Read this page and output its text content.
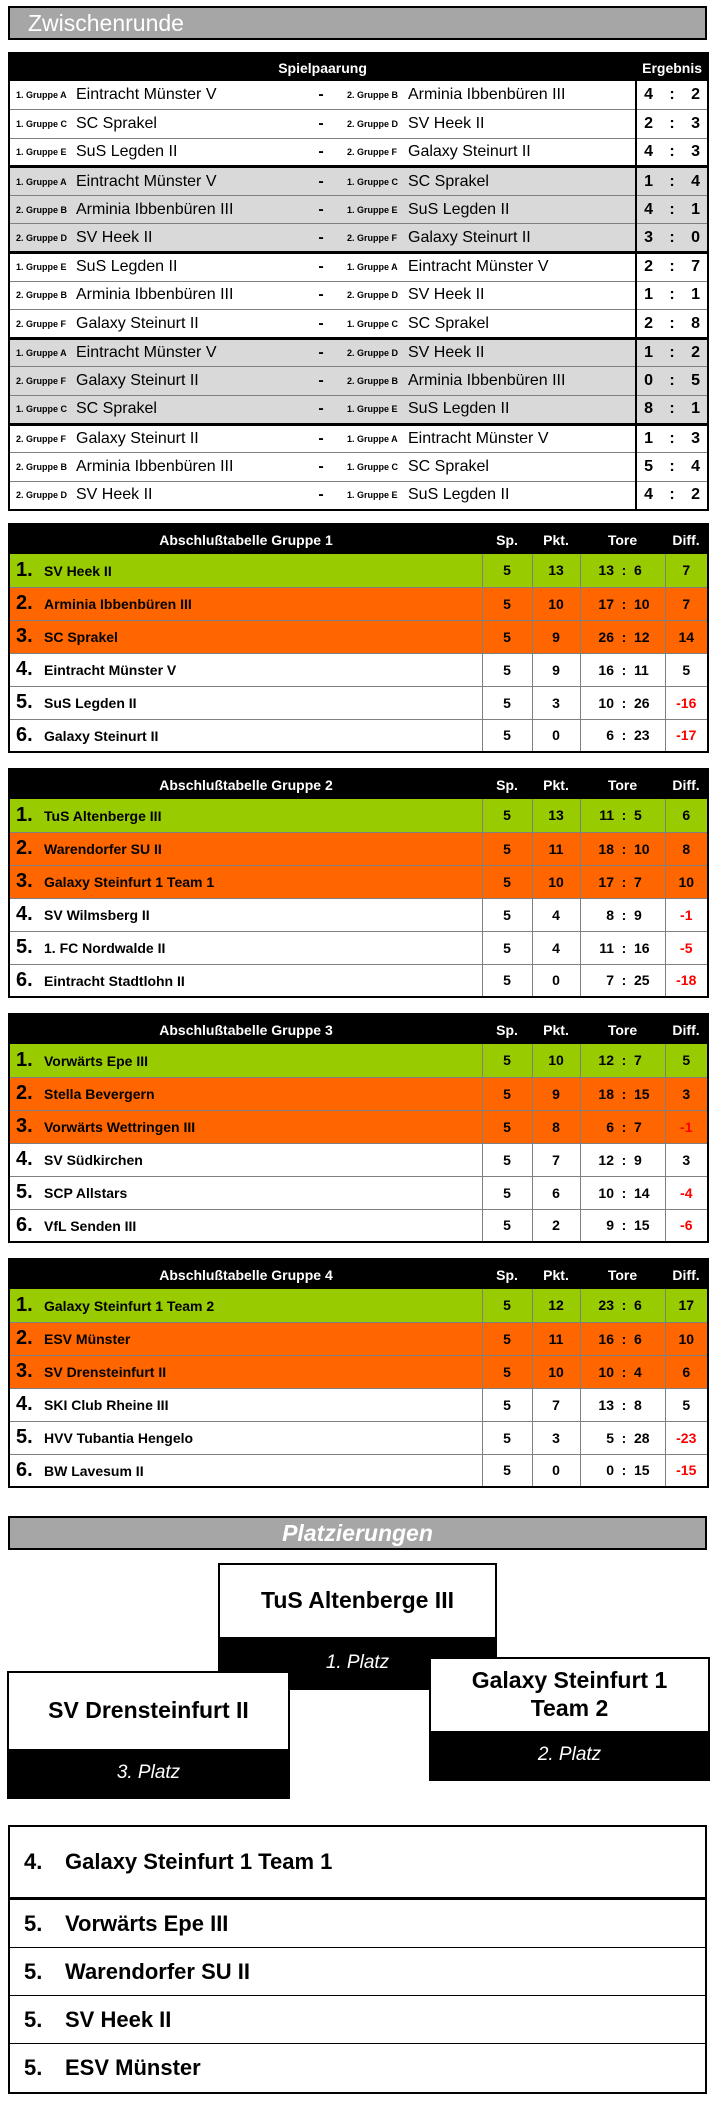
Zwischenrunde
Spielpaarung					Ergebnis		
1. Gruppe A	Eintracht Münster V	-	2. Gruppe B	Arminia Ibbenbüren III	4	:	2
1. Gruppe C	SC Sprakel	-	2. Gruppe D	SV Heek II	2	:	3
1. Gruppe E	SuS Legden II	-	2. Gruppe F	Galaxy Steinurt II	4	:	3
1. Gruppe A	Eintracht Münster V	-	1. Gruppe C	SC Sprakel	1	:	4
2. Gruppe B	Arminia Ibbenbüren III	-	1. Gruppe E	SuS Legden II	4	:	1
2. Gruppe D	SV Heek II	-	2. Gruppe F	Galaxy Steinurt II	3	:	0
1. Gruppe E	SuS Legden II	-	1. Gruppe A	Eintracht Münster V	2	:	7
2. Gruppe B	Arminia Ibbenbüren III	-	2. Gruppe D	SV Heek II	1	:	1
2. Gruppe F	Galaxy Steinurt II	-	1. Gruppe C	SC Sprakel	2	:	8
1. Gruppe A	Eintracht Münster V	-	2. Gruppe D	SV Heek II	1	:	2
2. Gruppe F	Galaxy Steinurt II	-	2. Gruppe B	Arminia Ibbenbüren III	0	:	5
1. Gruppe C	SC Sprakel	-	1. Gruppe E	SuS Legden II	8	:	1
2. Gruppe F	Galaxy Steinurt II	-	1. Gruppe A	Eintracht Münster V	1	:	3
2. Gruppe B	Arminia Ibbenbüren III	-	1. Gruppe C	SC Sprakel	5	:	4
2. Gruppe D	SV Heek II	-	1. Gruppe E	SuS Legden II	4	:	2
Abschlußtabelle Gruppe 1	Sp.	Pkt.	Tore			Diff.
1. SV Heek II	5	13	13	:	6	7
2. Arminia Ibbenbüren III	5	10	17	:	10	7
3. SC Sprakel	5	9	26	:	12	14
4. Eintracht Münster V	5	9	16	:	11	5
5. SuS Legden II	5	3	10	:	26	-16
6. Galaxy Steinurt II	5	0	6	:	23	-17
Abschlußtabelle Gruppe 2	Sp.	Pkt.	Tore			Diff.
1. TuS Altenberge III	5	13	11	:	5	6
2. Warendorfer SU II	5	11	18	:	10	8
3. Galaxy Steinfurt 1 Team 1	5	10	17	:	7	10
4. SV Wilmsberg II	5	4	8	:	9	-1
5. 1. FC Nordwalde II	5	4	11	:	16	-5
6. Eintracht Stadtlohn II	5	0	7	:	25	-18
Abschlußtabelle Gruppe 3	Sp.	Pkt.	Tore			Diff.
1. Vorwärts Epe III	5	10	12	:	7	5
2. Stella Bevergern	5	9	18	:	15	3
3. Vorwärts Wettringen III	5	8	6	:	7	-1
4. SV Südkirchen	5	7	12	:	9	3
5. SCP Allstars	5	6	10	:	14	-4
6. VfL Senden III	5	2	9	:	15	-6
Abschlußtabelle Gruppe 4	Sp.	Pkt.	Tore			Diff.
1. Galaxy Steinfurt 1 Team 2	5	12	23	:	6	17
2. ESV Münster	5	11	16	:	6	10
3. SV Drensteinfurt II	5	10	10	:	4	6
4. SKI Club Rheine III	5	7	13	:	8	5
5. HVV Tubantia Hengelo	5	3	5	:	28	-23
6. BW Lavesum II	5	0	0	:	15	-15
Platzierungen
TuS Altenberge III
1. Platz
Galaxy Steinfurt 1 Team 2
2. Platz
SV Drensteinfurt II
3. Platz
4.	Galaxy Steinfurt 1 Team 1
5.	Vorwärts Epe III
5.	Warendorfer SU II
5.	SV Heek II
5.	ESV Münster
